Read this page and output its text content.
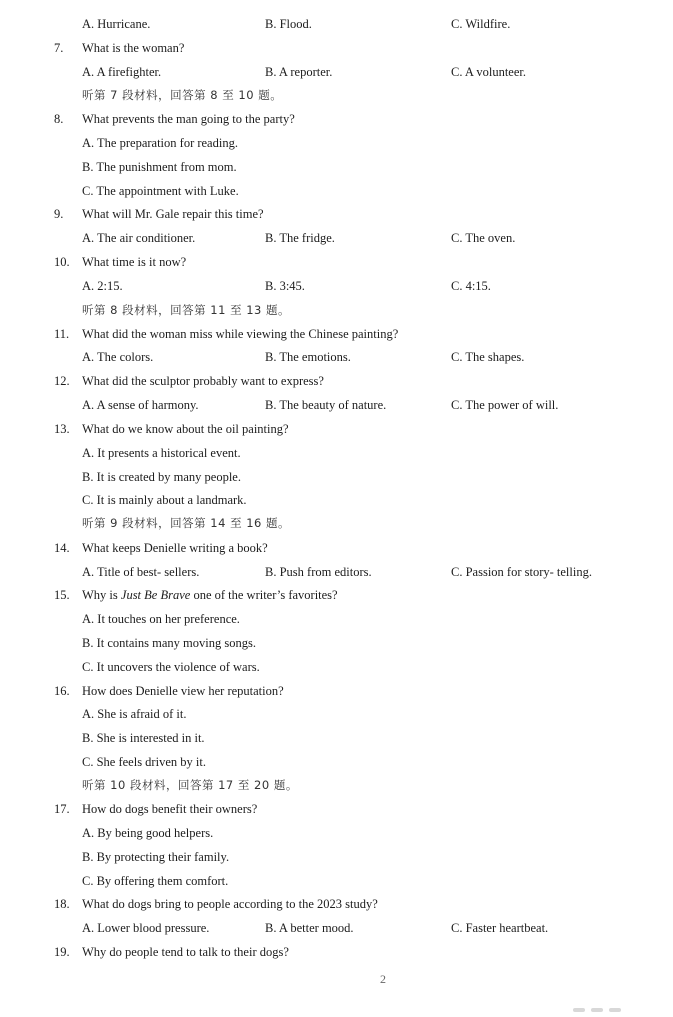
A. Hurricane.	B. Flood.	C. Wildfire.
7. What is the woman?
A. A firefighter.	B. A reporter.	C. A volunteer.
听第 7 段材料，回答第 8 至 10 题。
8. What prevents the man going to the party?
A. The preparation for reading.
B. The punishment from mom.
C. The appointment with Luke.
9. What will Mr. Gale repair this time?
A. The air conditioner.	B. The fridge.	C. The oven.
10. What time is it now?
A. 2:15.	B. 3:45.	C. 4:15.
听第 8 段材料，回答第 11 至 13 题。
11. What did the woman miss while viewing the Chinese painting?
A. The colors.	B. The emotions.	C. The shapes.
12. What did the sculptor probably want to express?
A. A sense of harmony.	B. The beauty of nature.	C. The power of will.
13. What do we know about the oil painting?
A. It presents a historical event.
B. It is created by many people.
C. It is mainly about a landmark.
听第 9 段材料，回答第 14 至 16 题。
14. What keeps Denielle writing a book?
A. Title of best- sellers.	B. Push from editors.	C. Passion for story- telling.
15. Why is Just Be Brave one of the writer’s favorites?
A. It touches on her preference.
B. It contains many moving songs.
C. It uncovers the violence of wars.
16. How does Denielle view her reputation?
A. She is afraid of it.
B. She is interested in it.
C. She feels driven by it.
听第 10 段材料，回答第 17 至 20 题。
17. How do dogs benefit their owners?
A. By being good helpers.
B. By protecting their family.
C. By offering them comfort.
18. What do dogs bring to people according to the 2023 study?
A. Lower blood pressure.	B. A better mood.	C. Faster heartbeat.
19. Why do people tend to talk to their dogs?
2
